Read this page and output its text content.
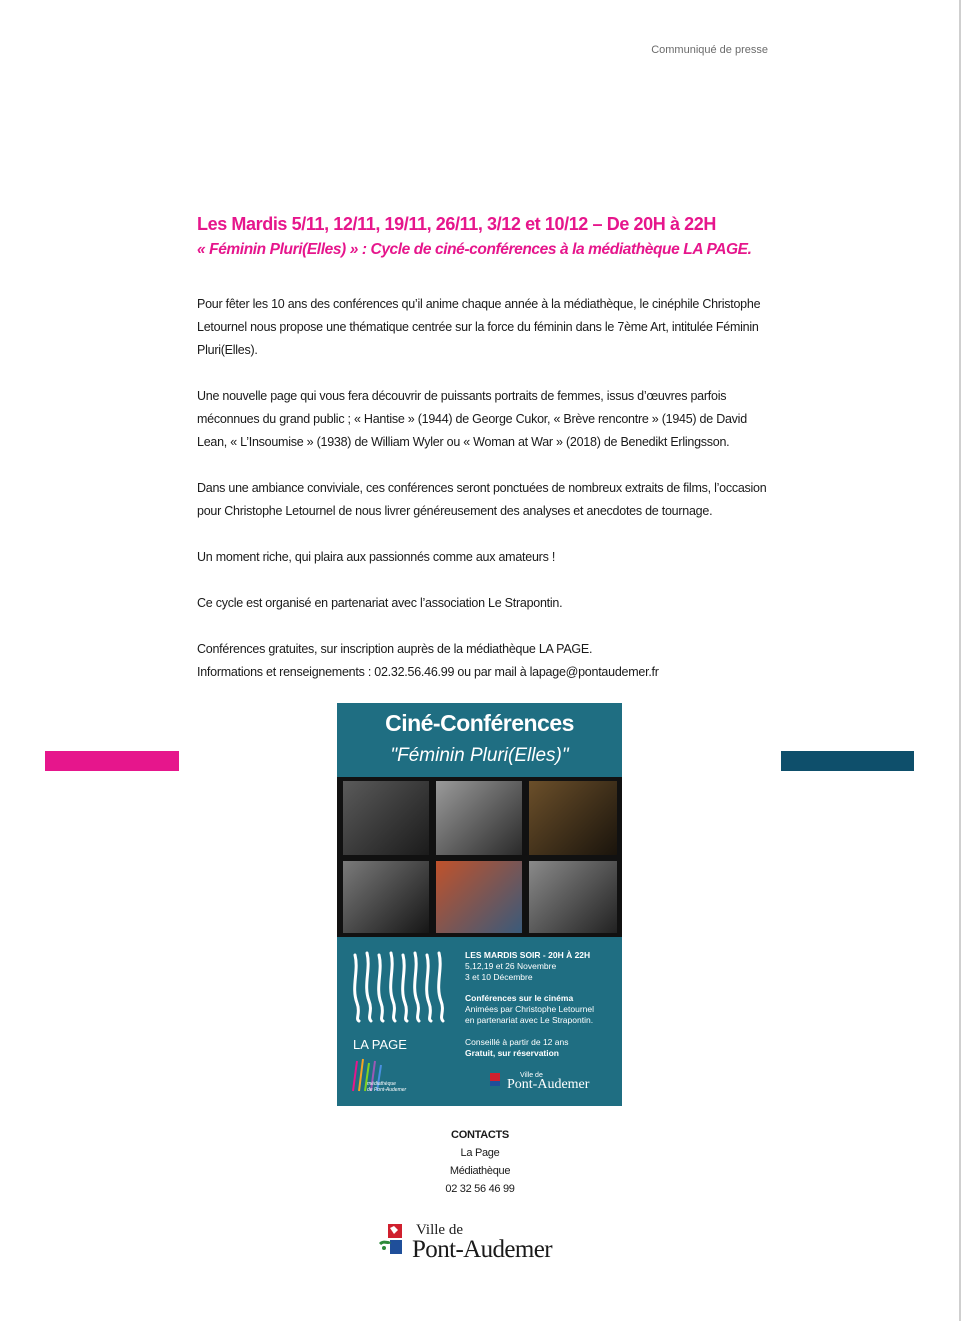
Communiqué de presse
Les Mardis 5/11, 12/11, 19/11, 26/11, 3/12 et 10/12 – De 20H à 22H
« Féminin Pluri(Elles) » : Cycle de ciné-conférences à la médiathèque LA PAGE.

Pour fêter les 10 ans des conférences qu’il anime chaque année à la médiathèque, le cinéphile Christophe Letournel nous propose une thématique centrée sur la force du féminin dans le 7ème Art, intitulée Féminin Pluri(Elles).

Une nouvelle page qui vous fera découvrir de puissants portraits de femmes, issus d’œuvres parfois méconnues du grand public ; « Hantise » (1944) de George Cukor, « Brève rencontre » (1945) de David Lean, « L’Insoumise » (1938) de William Wyler ou « Woman at War » (2018) de Benedikt Erlingsson.

Dans une ambiance conviviale, ces conférences seront ponctuées de nombreux extraits de films, l’occasion pour Christophe Letournel de nous livrer généreusement des analyses et anecdotes de tournage.

Un moment riche, qui plaira aux passionnés comme aux amateurs !

Ce cycle est organisé en partenariat avec l’association Le Strapontin.

Conférences gratuites, sur inscription auprès de la médiathèque LA PAGE.

Informations et renseignements : 02.32.56.46.99 ou par mail à lapage@pontaudemer.fr

Ciné-Conférences
"Féminin Pluri(Elles)"
LES MARDIS SOIR - 20H À 22H
5,12,19 et 26 Novembre
3 et 10 Décembre
Conférences sur le cinéma
Animées par Christophe Letournel
en partenariat avec Le Strapontin.
Conseillé à partir de 12 ans
Gratuit, sur réservation
LA PAGE
médiathèque
de Pont-Audemer
Ville de
Pont-Audemer
CONTACTS
La Page
Médiathèque
02 32 56 46 99
Ville de
Pont-Audemer
